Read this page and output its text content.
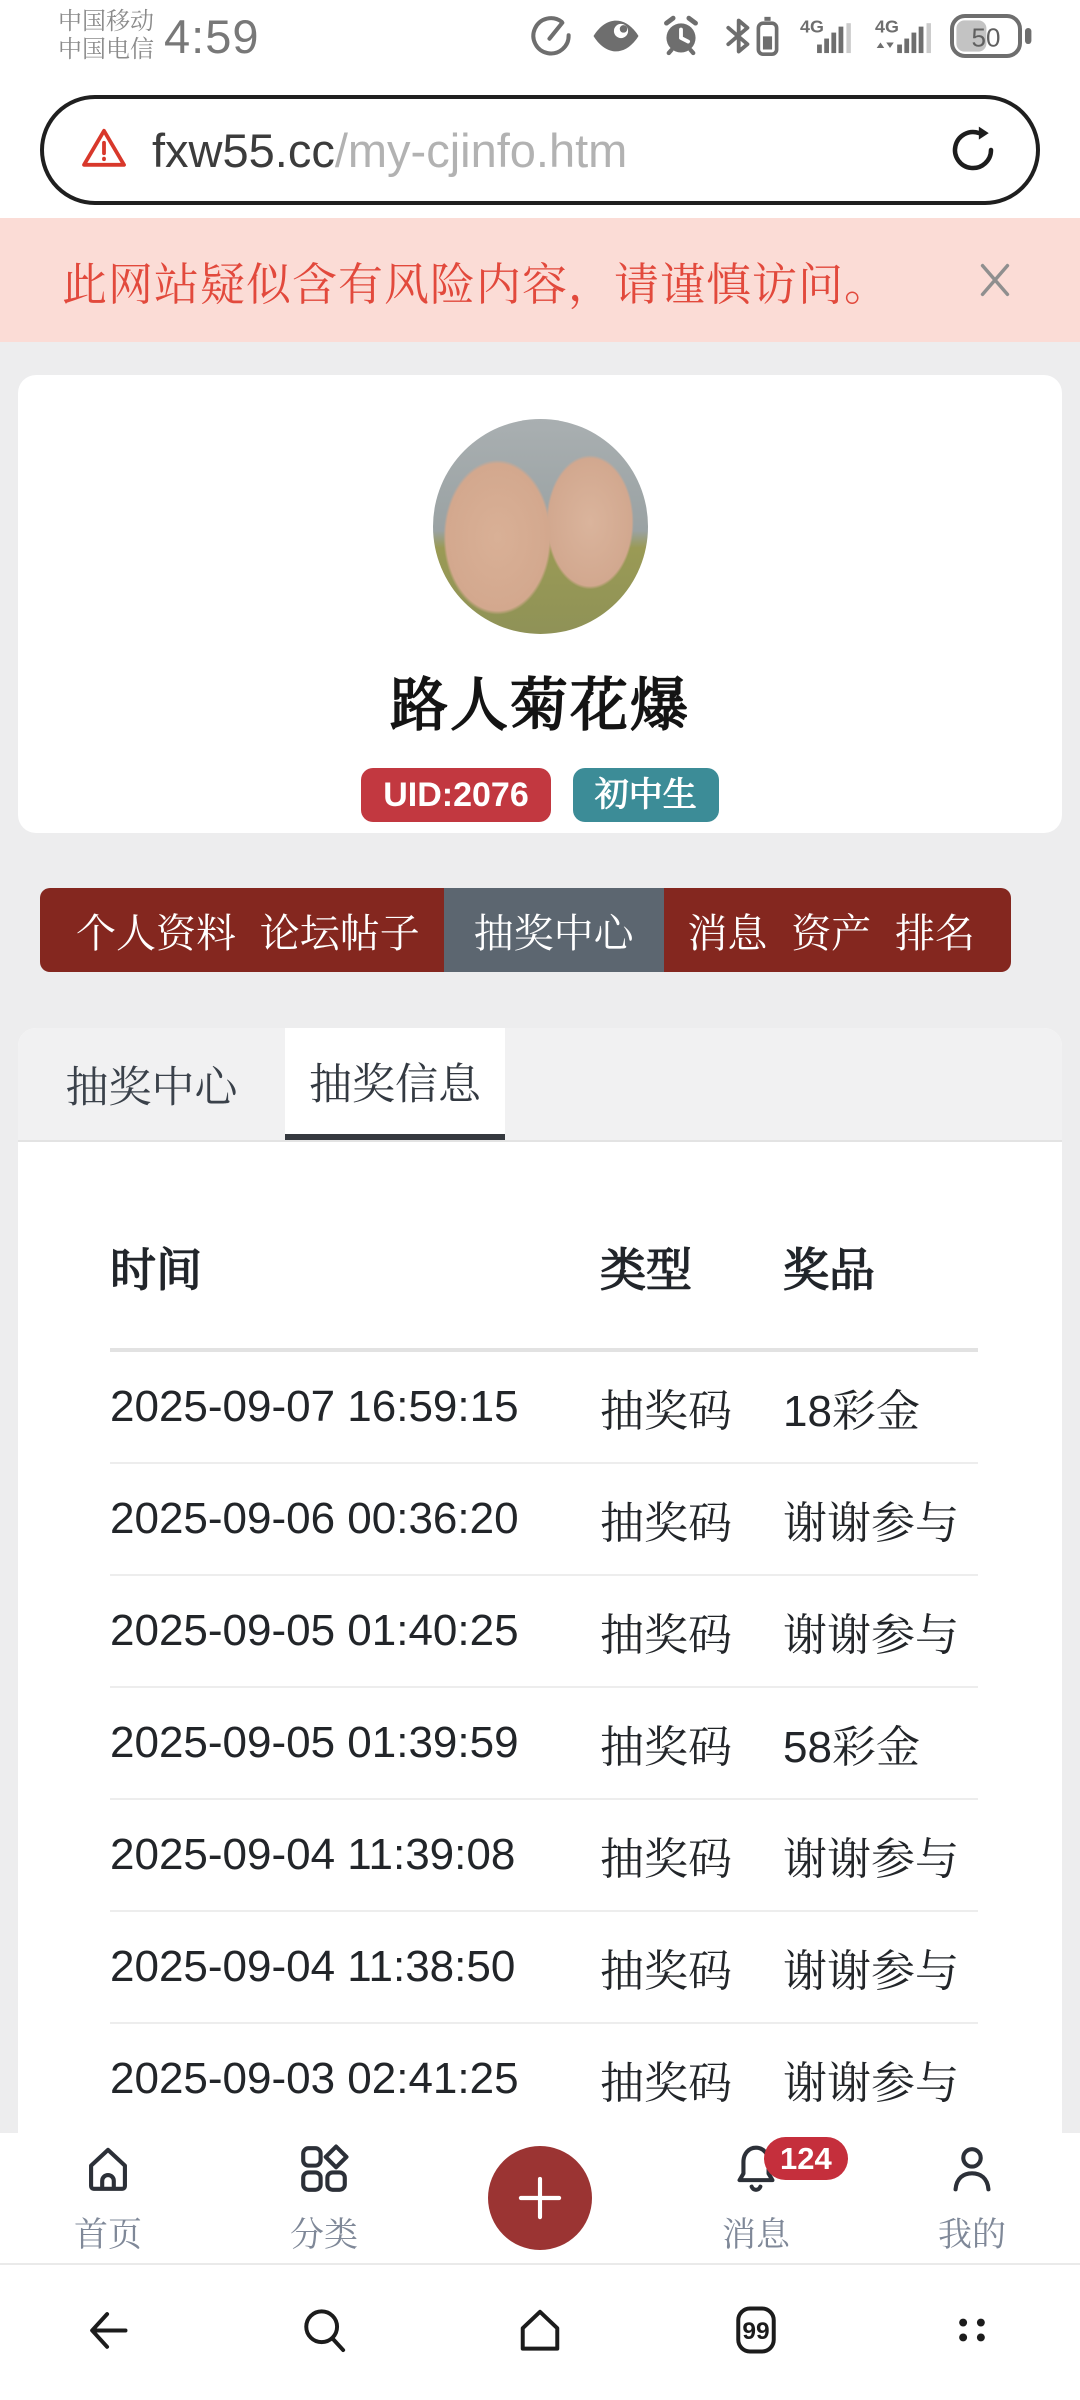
中国移动
中国电信 4:59	4G	4G	50
fxw55.cc/my-cjinfo.htm
此网站疑似含有风险内容，请谨慎访问。
路人菊花爆
UID:2076	初中生
个人资料 论坛帖子	抽奖中心	消息 资产 排名
抽奖中心	抽奖信息
时间	类型	奖品
2025-09-07 16:59:15	抽奖码	18彩金
2025-09-06 00:36:20	抽奖码	谢谢参与
2025-09-05 01:40:25	抽奖码	谢谢参与
2025-09-05 01:39:59	抽奖码	58彩金
2025-09-04 11:39:08	抽奖码	谢谢参与
2025-09-04 11:38:50	抽奖码	谢谢参与
2025-09-03 02:41:25	抽奖码	谢谢参与
首页	分类	消息
124
我的
99
